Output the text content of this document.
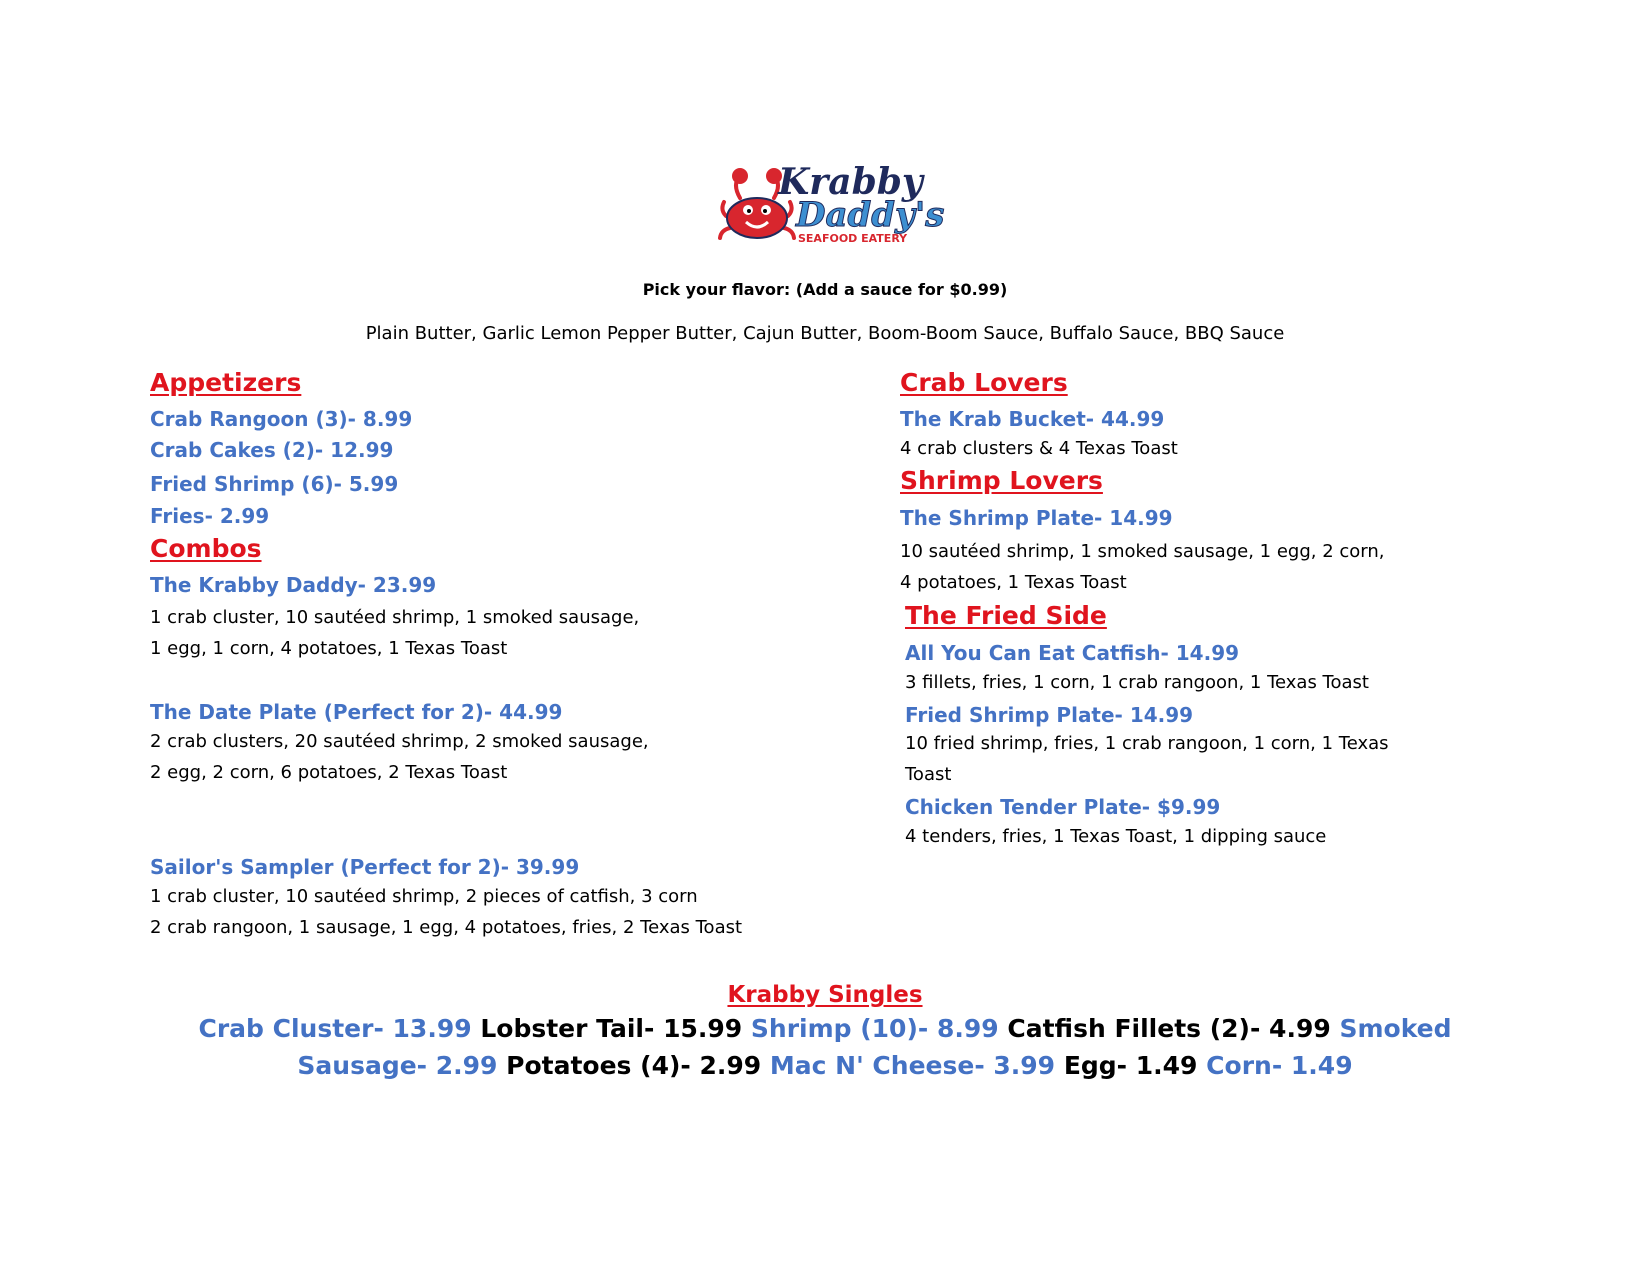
Krabby
Daddy's
SEAFOOD EATERY
Pick your flavor: (Add a sauce for $0.99)
Plain Butter, Garlic Lemon Pepper Butter, Cajun Butter, Boom-Boom Sauce, Buffalo Sauce, BBQ Sauce
Appetizers
Crab Rangoon (3)- 8.99
Crab Cakes (2)- 12.99
Fried Shrimp (6)- 5.99
Fries- 2.99
Combos
The Krabby Daddy- 23.99
1 crab cluster, 10 sautéed shrimp, 1 smoked sausage,
1 egg, 1 corn, 4 potatoes, 1 Texas Toast
The Date Plate (Perfect for 2)- 44.99
2 crab clusters, 20 sautéed shrimp, 2 smoked sausage,
2 egg, 2 corn, 6 potatoes, 2 Texas Toast
Sailor's Sampler (Perfect for 2)- 39.99
1 crab cluster, 10 sautéed shrimp, 2 pieces of catfish, 3 corn
2 crab rangoon, 1 sausage, 1 egg, 4 potatoes, fries, 2 Texas Toast
Crab Lovers
The Krab Bucket- 44.99
4 crab clusters & 4 Texas Toast
Shrimp Lovers
The Shrimp Plate- 14.99
10 sautéed shrimp, 1 smoked sausage, 1 egg, 2 corn,
4 potatoes, 1 Texas Toast
The Fried Side
All You Can Eat Catfish- 14.99
3 fillets, fries, 1 corn, 1 crab rangoon, 1 Texas Toast
Fried Shrimp Plate- 14.99
10 fried shrimp, fries, 1 crab rangoon, 1 corn, 1 Texas
Toast
Chicken Tender Plate- $9.99
4 tenders, fries, 1 Texas Toast, 1 dipping sauce
Krabby Singles
Crab Cluster- 13.99 Lobster Tail- 15.99 Shrimp (10)- 8.99 Catfish Fillets (2)- 4.99 Smoked Sausage- 2.99 Potatoes (4)- 2.99 Mac N' Cheese- 3.99 Egg- 1.49 Corn- 1.49
